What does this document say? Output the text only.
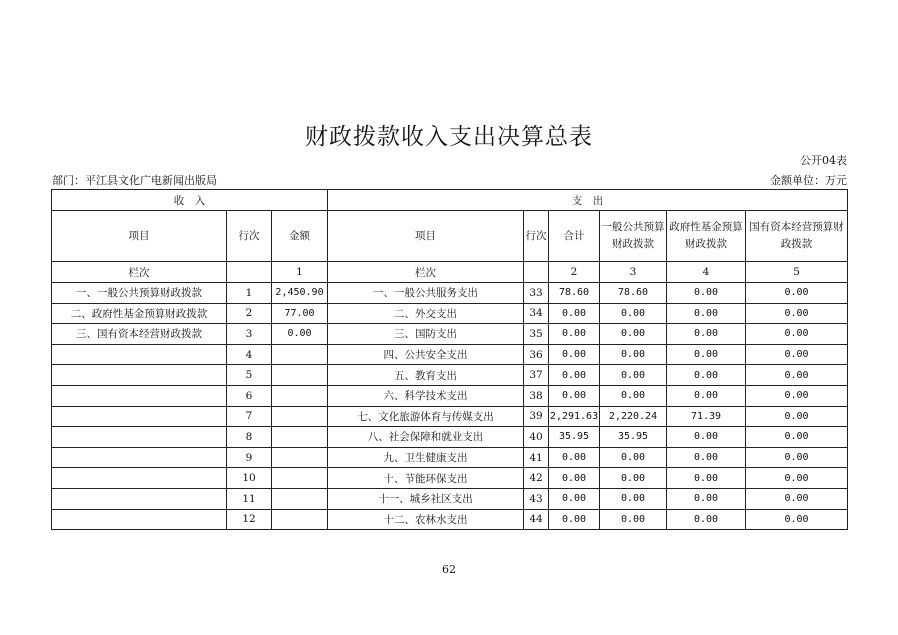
财政拨款收入支出决算总表
公开04表
部门：平江县文化广电新闻出版局	金额单位：万元
收　入			支　出					
项目	行次	金额	项目	行次	合计	一般公共预算财政拨款	政府性基金预算财政拨款	国有资本经营预算财政拨款
栏次		1	栏次		2	3	4	5
一、一般公共预算财政拨款	1	2,450.90	一、一般公共服务支出	33	78.60	78.60	0.00	0.00
二、政府性基金预算财政拨款	2	77.00	二、外交支出	34	0.00	0.00	0.00	0.00
三、国有资本经营财政拨款	3	0.00	三、国防支出	35	0.00	0.00	0.00	0.00
	4		四、公共安全支出	36	0.00	0.00	0.00	0.00
	5		五、教育支出	37	0.00	0.00	0.00	0.00
	6		六、科学技术支出	38	0.00	0.00	0.00	0.00
	7		七、文化旅游体育与传媒支出	39	2,291.63	2,220.24	71.39	0.00
	8		八、社会保障和就业支出	40	35.95	35.95	0.00	0.00
	9		九、卫生健康支出	41	0.00	0.00	0.00	0.00
	10		十、节能环保支出	42	0.00	0.00	0.00	0.00
	11		十一、城乡社区支出	43	0.00	0.00	0.00	0.00
	12		十二、农林水支出	44	0.00	0.00	0.00	0.00
62
